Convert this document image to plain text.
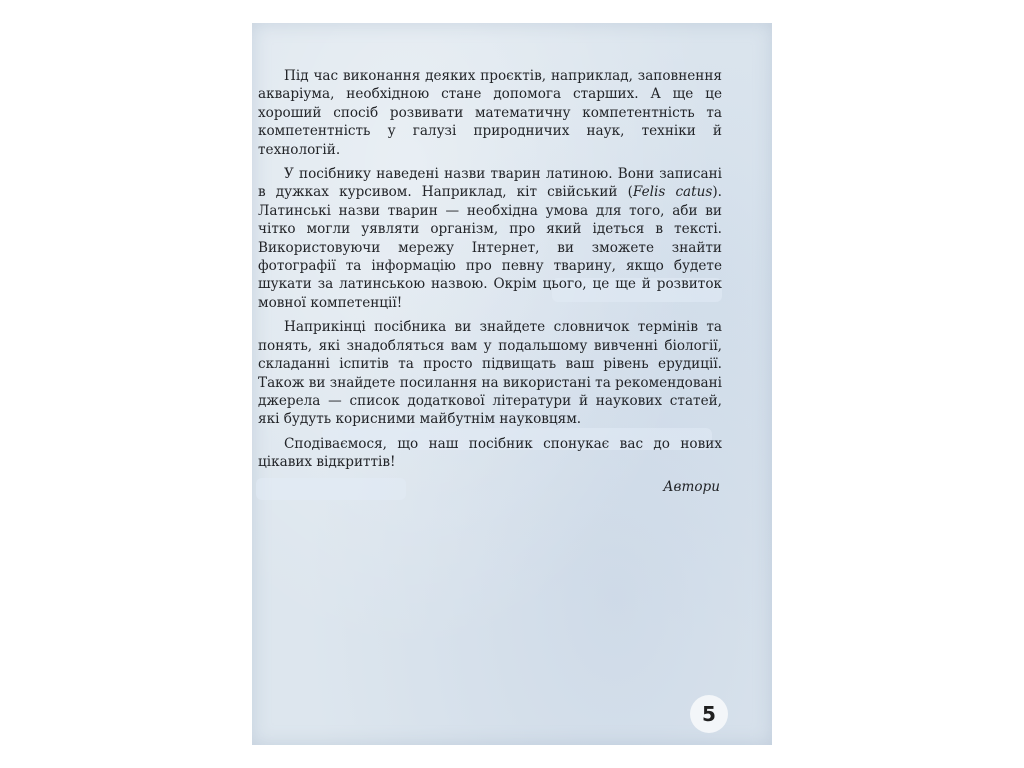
Під час виконання деяких проєктів, наприклад, заповнення акваріума, необхідною стане допомога старших. А ще це хороший спосіб розвивати математичну компетентність та компетентність у галузі природничих наук, техніки й технологій.

У посібнику наведені назви тварин латиною. Вони записані в дужках курсивом. Наприклад, кіт свійський (Felis catus). Латинські назви тварин — необхідна умова для того, аби ви чітко могли уявляти організм, про який ідеться в тексті. Використовуючи мережу Інтернет, ви зможете знайти фотографії та інформацію про певну тварину, якщо будете шукати за латинською назвою. Окрім цього, це ще й розвиток мовної компетенції!

Наприкінці посібника ви знайдете словничок термінів та понять, які знадобляться вам у подальшому вивченні біології, складанні іспитів та просто підвищать ваш рівень ерудиції. Також ви знайдете посилання на використані та рекомендовані джерела — список додаткової літератури й наукових статей, які будуть корисними майбутнім науковцям.

Сподіваємося, що наш посібник спонукає вас до нових цікавих відкриттів!

Автори
5
